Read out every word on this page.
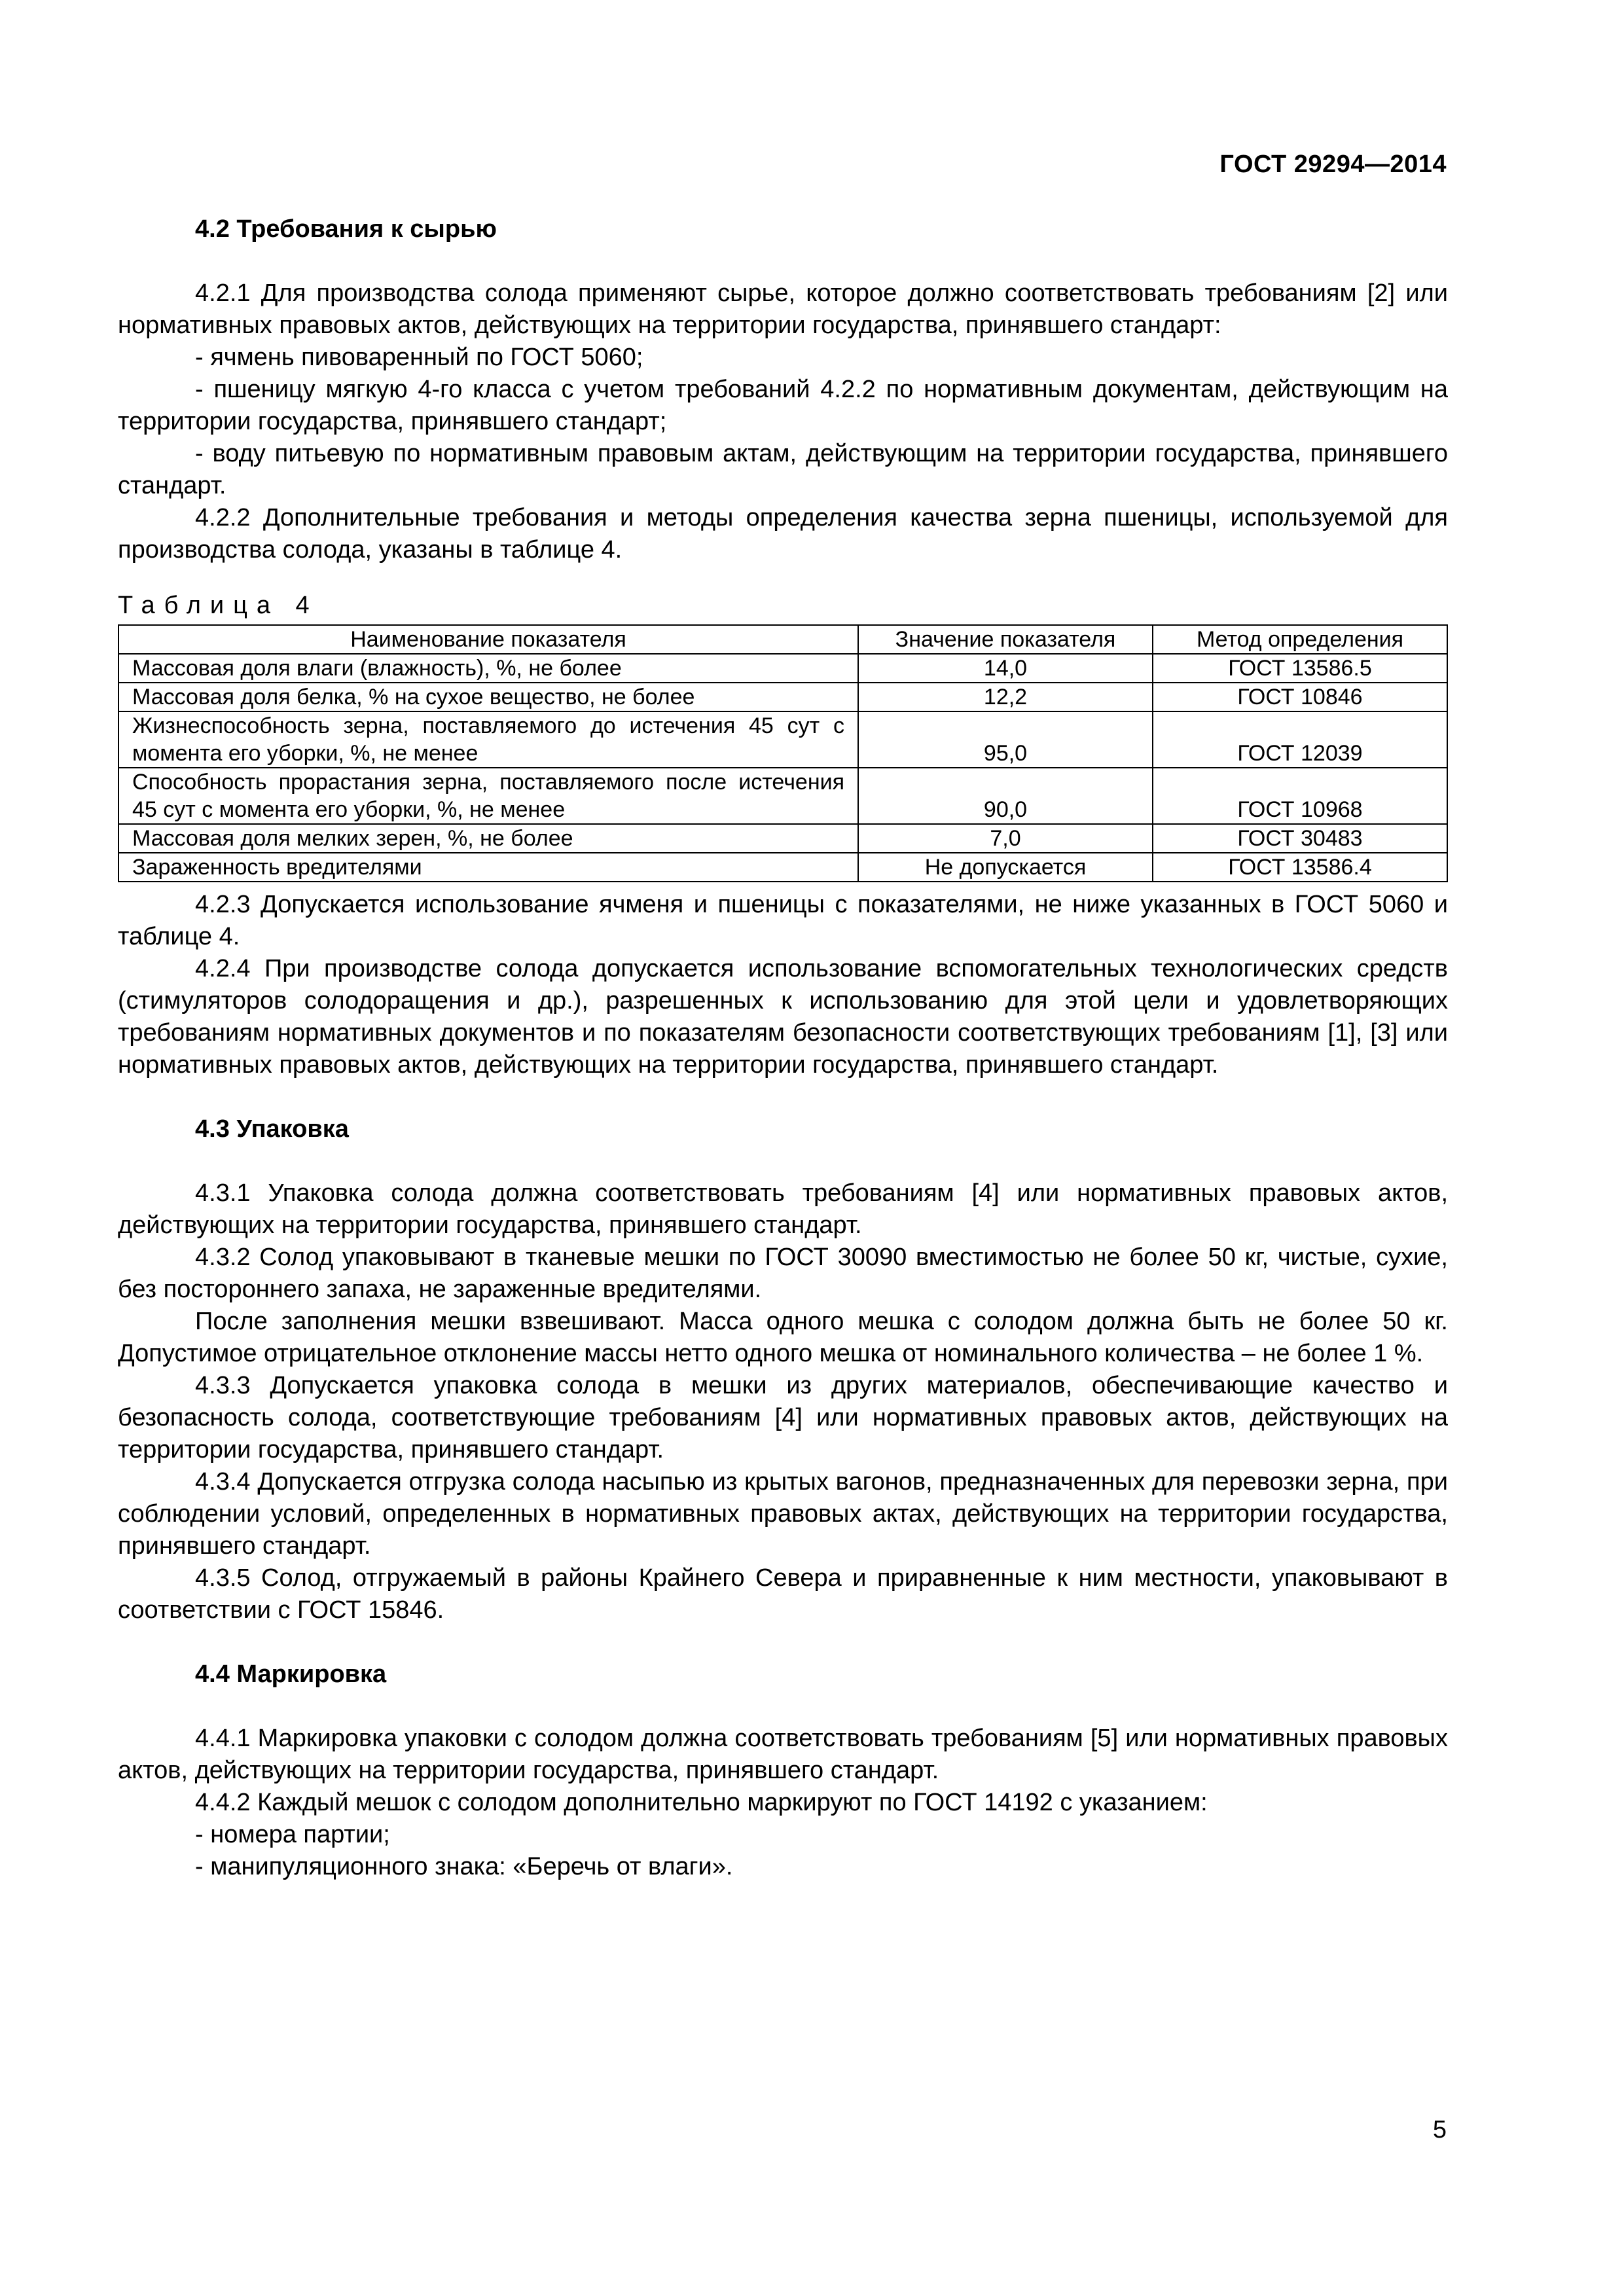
ГОСТ 29294—2014

4.2 Требования к сырью

4.2.1 Для производства солода применяют сырье, которое должно соответствовать требованиям [2] или нормативных правовых актов, действующих на территории государства, принявшего стандарт:

- ячмень пивоваренный по ГОСТ 5060;

- пшеницу мягкую 4-го класса с учетом требований 4.2.2 по нормативным документам, действующим на территории государства, принявшего стандарт;

- воду питьевую по нормативным правовым актам, действующим на территории государства, принявшего стандарт.

4.2.2 Дополнительные требования и методы определения качества зерна пшеницы, используемой для производства солода, указаны в таблице 4.

Таблица 4
Наименование показателя	Значение показателя	Метод определения
Массовая доля влаги (влажность), %, не более	14,0	ГОСТ 13586.5
Массовая доля белка, % на сухое вещество, не более	12,2	ГОСТ 10846
Жизнеспособность зерна, поставляемого до истечения 45 сут с момента его уборки, %, не менее	95,0	ГОСТ 12039
Способность прорастания зерна, поставляемого после истечения 45 сут с момента его уборки, %, не менее	90,0	ГОСТ 10968
Массовая доля мелких зерен, %, не более	7,0	ГОСТ 30483
Зараженность вредителями	Не допускается	ГОСТ 13586.4

4.2.3 Допускается использование ячменя и пшеницы с показателями, не ниже указанных в ГОСТ 5060 и таблице 4.

4.2.4 При производстве солода допускается использование вспомогательных технологических средств (стимуляторов солодоращения и др.), разрешенных к использованию для этой цели и удовлетворяющих требованиям нормативных документов и по показателям безопасности соответствующих требованиям [1], [3] или нормативных правовых актов, действующих на территории государства, принявшего стандарт.

4.3 Упаковка

4.3.1 Упаковка солода должна соответствовать требованиям [4] или нормативных правовых актов, действующих на территории государства, принявшего стандарт.

4.3.2 Солод упаковывают в тканевые мешки по ГОСТ 30090 вместимостью не более 50 кг, чистые, сухие, без постороннего запаха, не зараженные вредителями.

После заполнения мешки взвешивают. Масса одного мешка с солодом должна быть не более 50 кг. Допустимое отрицательное отклонение массы нетто одного мешка от номинального количества – не более 1 %.

4.3.3 Допускается упаковка солода в мешки из других материалов, обеспечивающие качество и безопасность солода, соответствующие требованиям [4] или нормативных правовых актов, действующих на территории государства, принявшего стандарт.

4.3.4 Допускается отгрузка солода насыпью из крытых вагонов, предназначенных для перевозки зерна, при соблюдении условий, определенных в нормативных правовых актах, действующих на территории государства, принявшего стандарт.

4.3.5 Солод, отгружаемый в районы Крайнего Севера и приравненные к ним местности, упаковывают в соответствии с ГОСТ 15846.

4.4 Маркировка

4.4.1 Маркировка упаковки с солодом должна соответствовать требованиям [5] или нормативных правовых актов, действующих на территории государства, принявшего стандарт.

4.4.2 Каждый мешок с солодом дополнительно маркируют по ГОСТ 14192 с указанием:

- номера партии;

- манипуляционного знака: «Беречь от влаги».

5
